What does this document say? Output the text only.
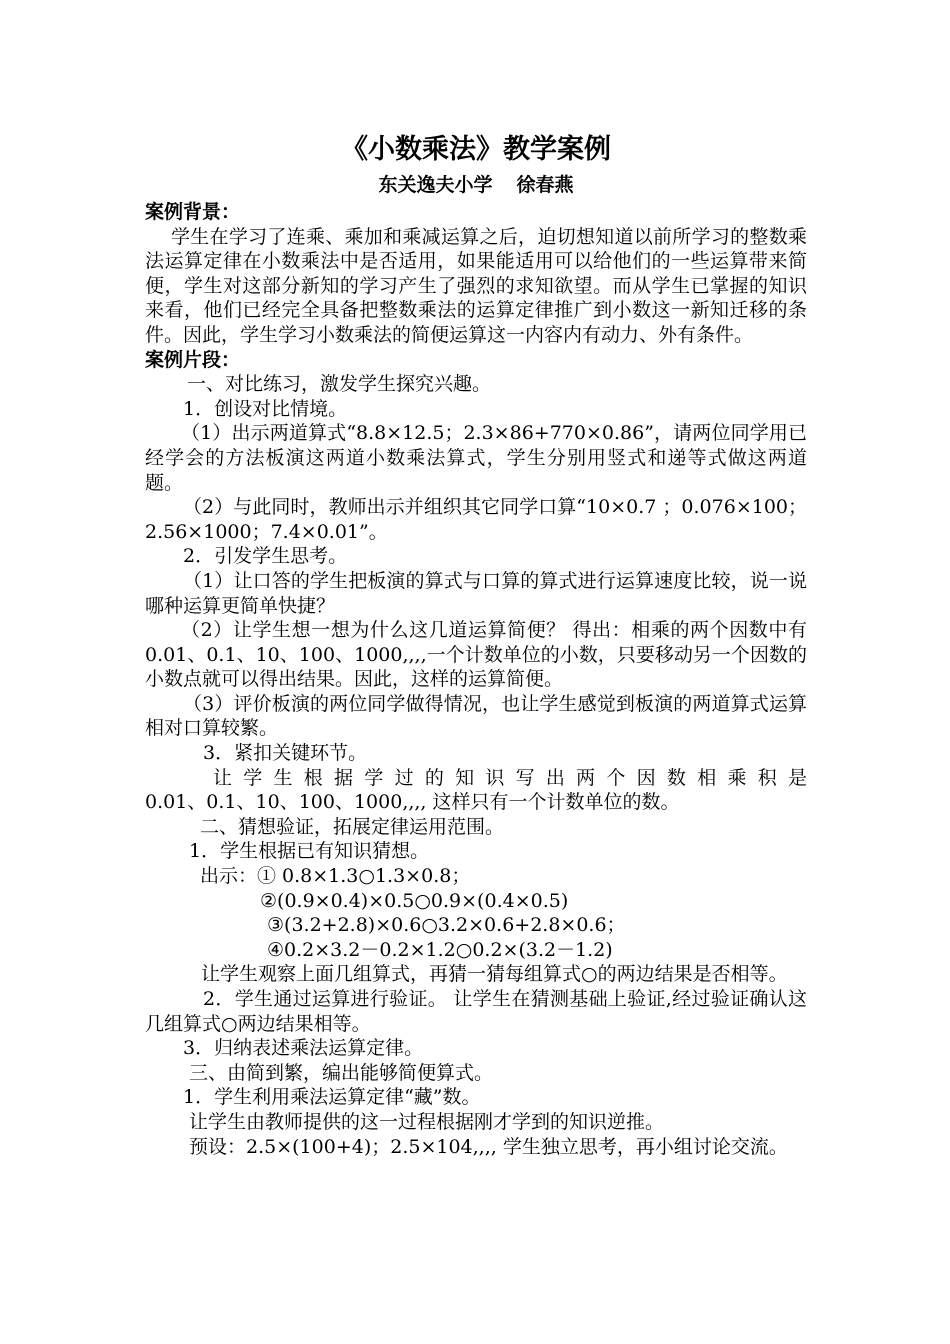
《小数乘法》教学案例
东关逸夫小学 徐春燕
案例背景：

学生在学习了连乘、乘加和乘减运算之后，迫切想知道以前所学习的整数乘法运算定律在小数乘法中是否适用，如果能适用可以给他们的一些运算带来简便，学生对这部分新知的学习产生了强烈的求知欲望。而从学生已掌握的知识来看，他们已经完全具备把整数乘法的运算定律推广到小数这一新知迁移的条件。因此，学生学习小数乘法的简便运算这一内容内有动力、外有条件。

案例片段：

一、对比练习，激发学生探究兴趣。

1．创设对比情境。

（1）出示两道算式“8.8×12.5；2.3×86+770×0.86”，请两位同学用已经学会的方法板演这两道小数乘法算式，学生分别用竖式和递等式做这两道题。

（2）与此同时，教师出示并组织其它同学口算“10×0.7 ；0.076×100； 2.56×1000；7.4×0.01”。

2．引发学生思考。

（1）让口答的学生把板演的算式与口算的算式进行运算速度比较，说一说哪种运算更简单快捷？

（2）让学生想一想为什么这几道运算简便？ 得出：相乘的两个因数中有 0.01、0.1、10、100、1000,,,,一个计数单位的小数，只要移动另一个因数的小数点就可以得出结果。因此，这样的运算简便。

（3）评价板演的两位同学做得情况，也让学生感觉到板演的两道算式运算相对口算较繁。

3．紧扣关键环节。

让学生根据学过的知识写出两个因数相乘积是

0.01、0.1、10、100、1000,,,, 这样只有一个计数单位的数。

二、猜想验证，拓展定律运用范围。

1．学生根据已有知识猜想。

出示：① 0.8×1.3○1.3×0.8；

②(0.9×0.4)×0.5○0.9×(0.4×0.5)

③(3.2+2.8)×0.6○3.2×0.6+2.8×0.6；

④0.2×3.2－0.2×1.2○0.2×(3.2－1.2)

让学生观察上面几组算式，再猜一猜每组算式○的两边结果是否相等。

2．学生通过运算进行验证。 让学生在猜测基础上验证,经过验证确认这几组算式○两边结果相等。

3．归纳表述乘法运算定律。

三、由简到繁，编出能够简便算式。

1．学生利用乘法运算定律“藏”数。

让学生由教师提供的这一过程根据刚才学到的知识逆推。

预设：2.5×(100+4)；2.5×104,,,, 学生独立思考，再小组讨论交流。
